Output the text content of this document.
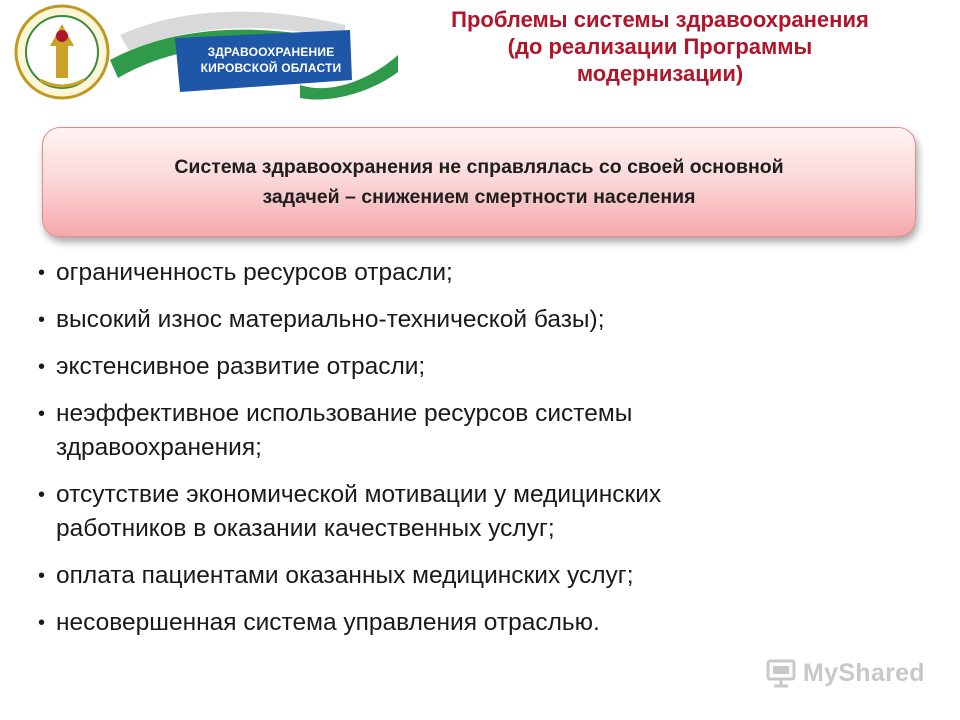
ЗДРАВООХРАНЕНИЕ
КИРОВСКОЙ ОБЛАСТИ
Проблемы системы здравоохранения
(до реализации Программы
модернизации)
Система здравоохранения не справлялась со своей основной
задачей – снижением смертности населения
• ограниченность ресурсов отрасли;
• высокий износ материально-технической базы);
• экстенсивное развитие отрасли;
• неэффективное использование ресурсов системы
здравоохранения;
• отсутствие экономической мотивации у медицинских
работников в оказании качественных услуг;
• оплата пациентами оказанных медицинских услуг;
• несовершенная система управления отраслью.
MyShared
